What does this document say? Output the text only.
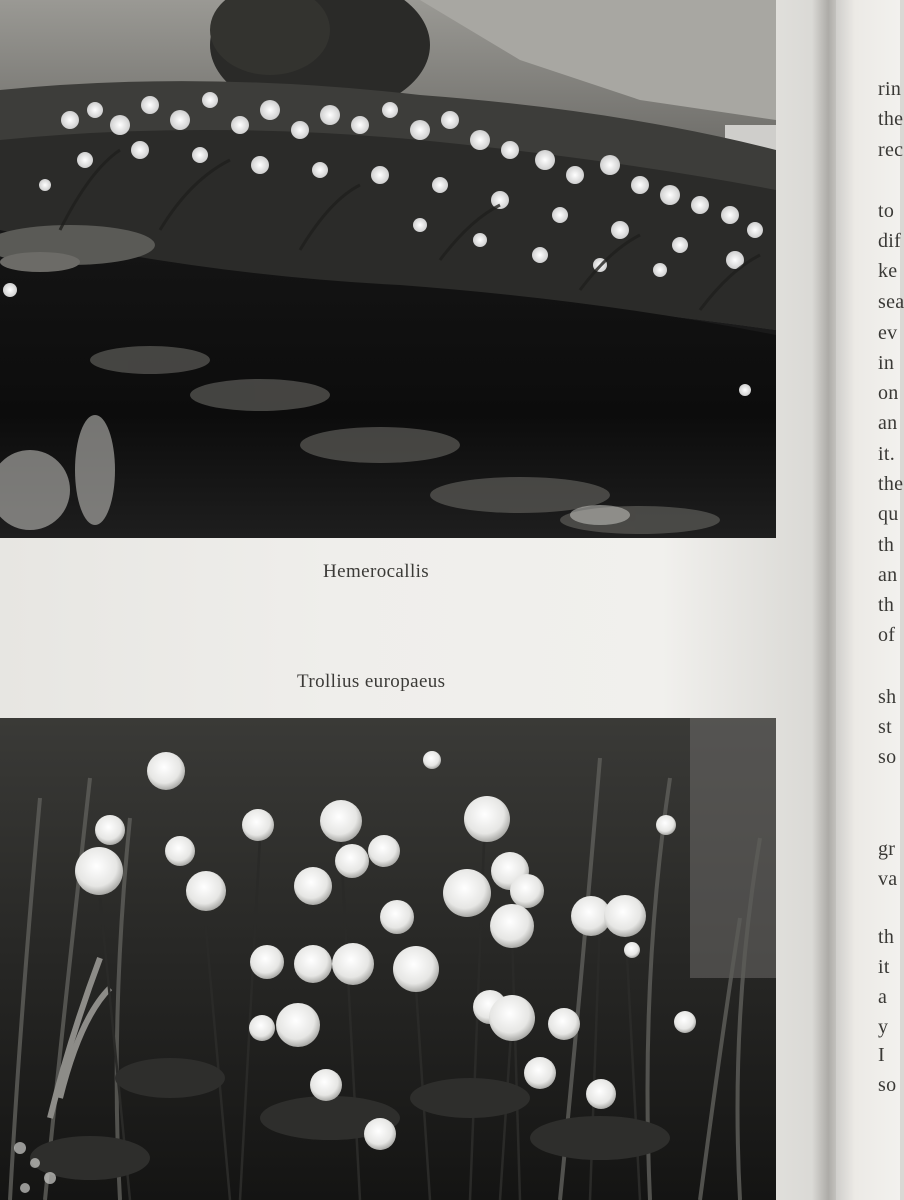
Hemerocallis

Trollius europaeus

rin

the

rec

to

dif

ke

sea

ev

in

on

an

it.

the

qu

th

an

th

of

sh

st

so

gr

va

th

it

a

y

I

so
